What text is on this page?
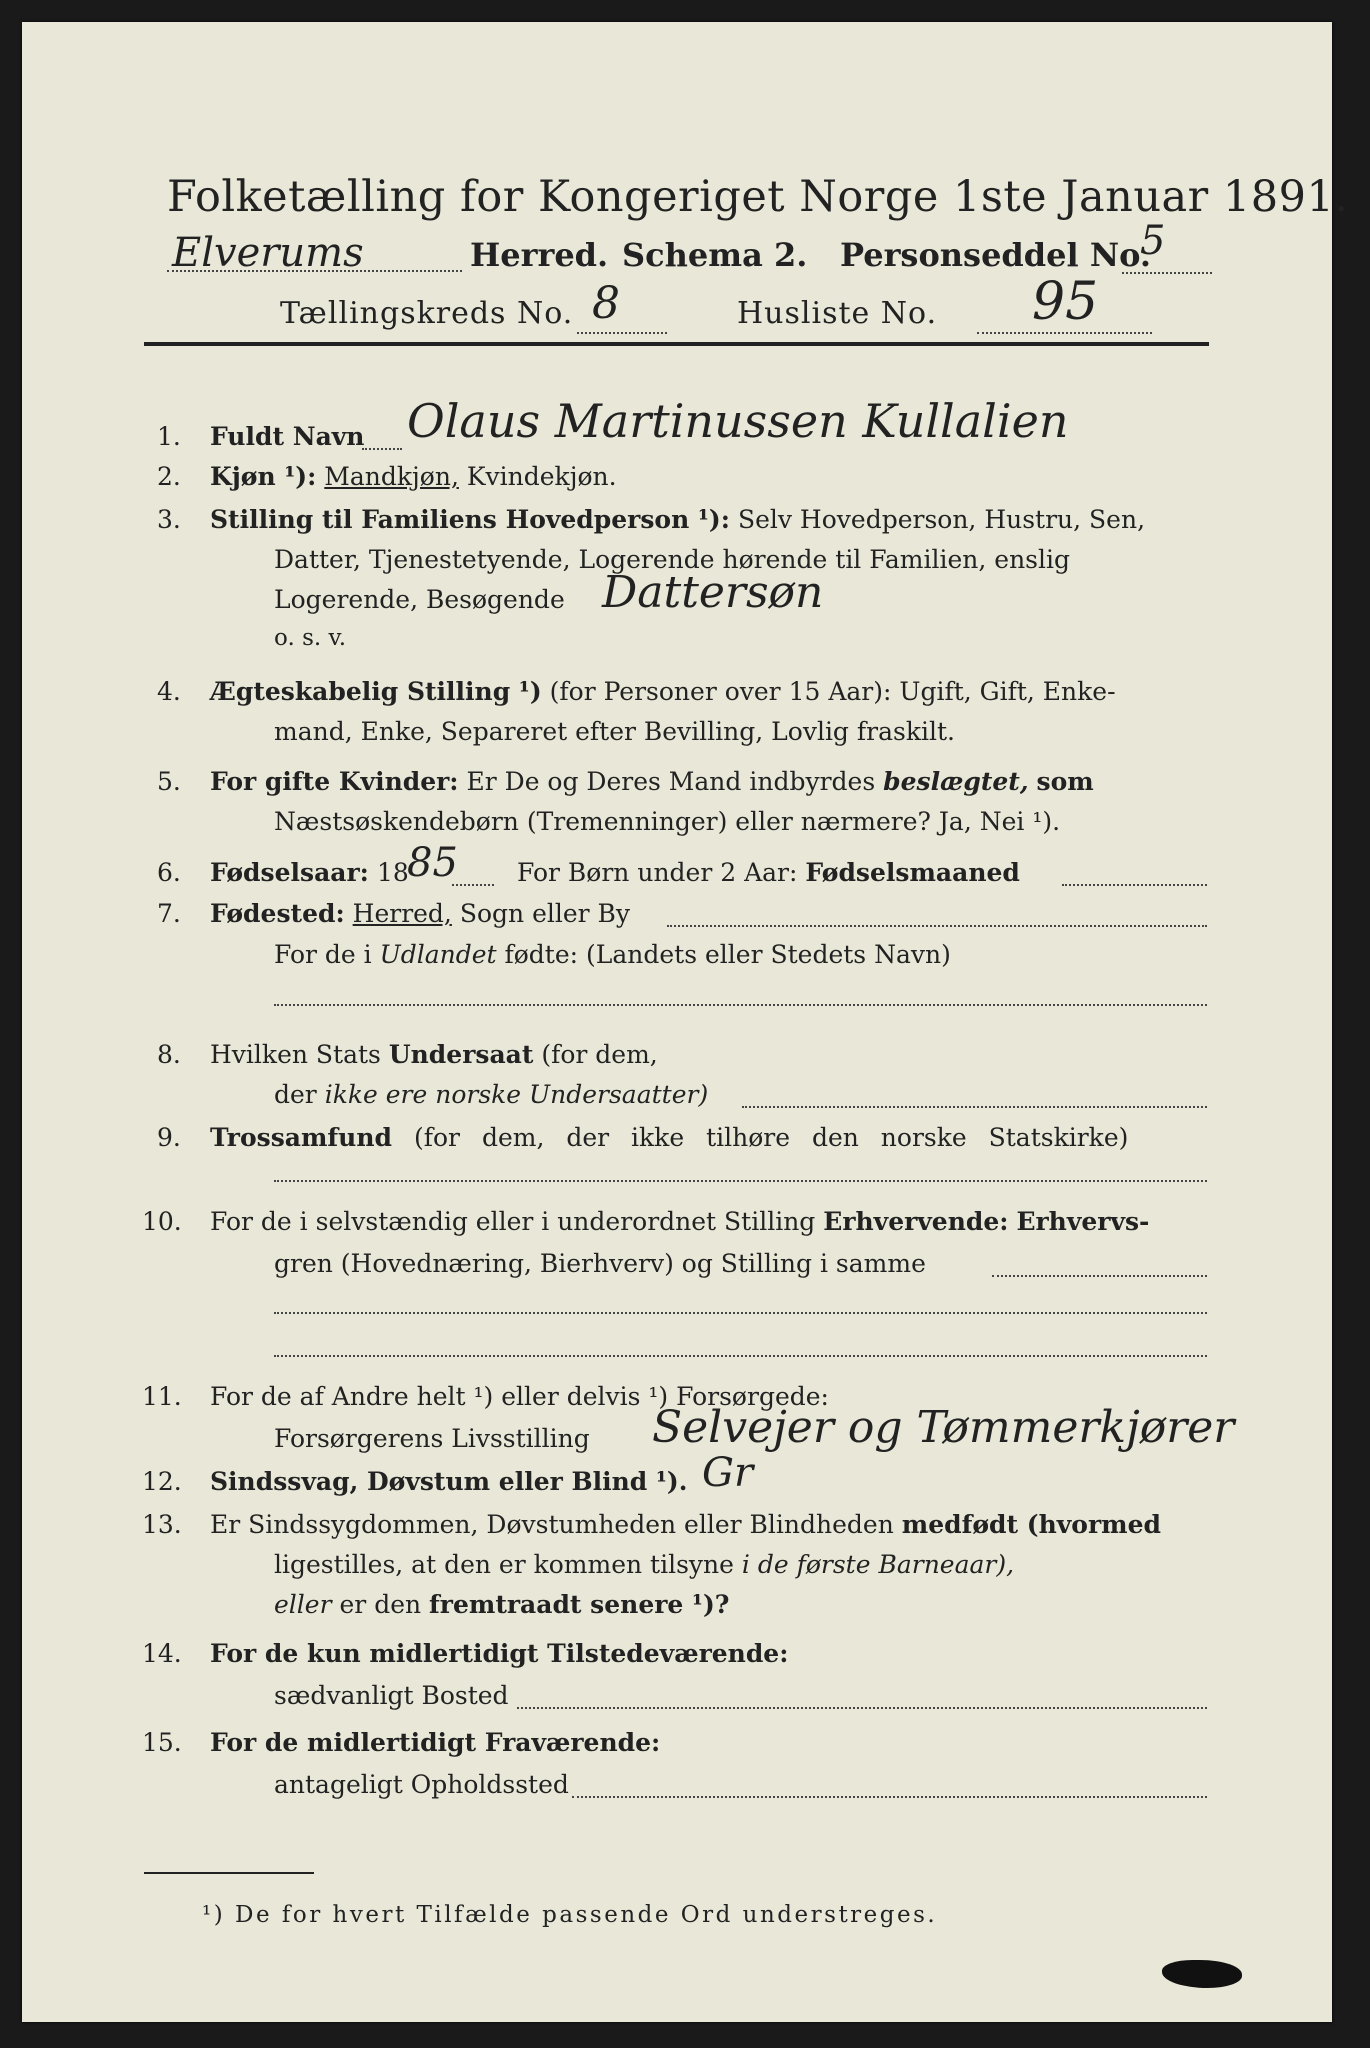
Folketælling for Kongeriget Norge 1ste Januar 1891.
Elverums	Herred. Schema 2. Personseddel No.
5
Tællingskreds No. 8	Husliste No. 95
1. Fuldt Navn Olaus Martinussen Kullalien
2. Kjøn ¹): Mandkjøn, Kvindekjøn.
3. Stilling til Familiens Hovedperson ¹): Selv Hovedperson, Hustru, Sen,
Datter, Tjenestetyende, Logerende hørende til Familien, enslig
Logerende, Besøgende Dattersøn
o. s. v.
4. Ægteskabelig Stilling ¹) (for Personer over 15 Aar): Ugift, Gift, Enke-
mand, Enke, Separeret efter Bevilling, Lovlig fraskilt.
5. For gifte Kvinder: Er De og Deres Mand indbyrdes beslægtet, som
Næstsøskendebørn (Tremenninger) eller nærmere? Ja, Nei ¹).
6. Fødselsaar: 18
85 For Børn under 2 Aar: Fødselsmaaned
7. Fødested: Herred, Sogn eller By
For de i Udlandet fødte: (Landets eller Stedets Navn)
8. Hvilken Stats Undersaat (for dem,
der ikke ere norske Undersaatter)
9. Trossamfund (for dem, der ikke tilhøre den norske Statskirke)
10. For de i selvstændig eller i underordnet Stilling Erhvervende: Erhvervs-
gren (Hovednæring, Bierhverv) og Stilling i samme
11. For de af Andre helt ¹) eller delvis ¹) Forsørgede:
Forsørgerens Livsstilling Selvejer og Tømmerkjører
12. Sindssvag, Døvstum eller Blind ¹). Gr
13. Er Sindssygdommen, Døvstumheden eller Blindheden medfødt (hvormed
ligestilles, at den er kommen tilsyne i de første Barneaar),
eller er den fremtraadt senere ¹)?
14. For de kun midlertidigt Tilstedeværende:
sædvanligt Bosted
15. For de midlertidigt Fraværende:
antageligt Opholdssted
¹) De for hvert Tilfælde passende Ord understreges.
